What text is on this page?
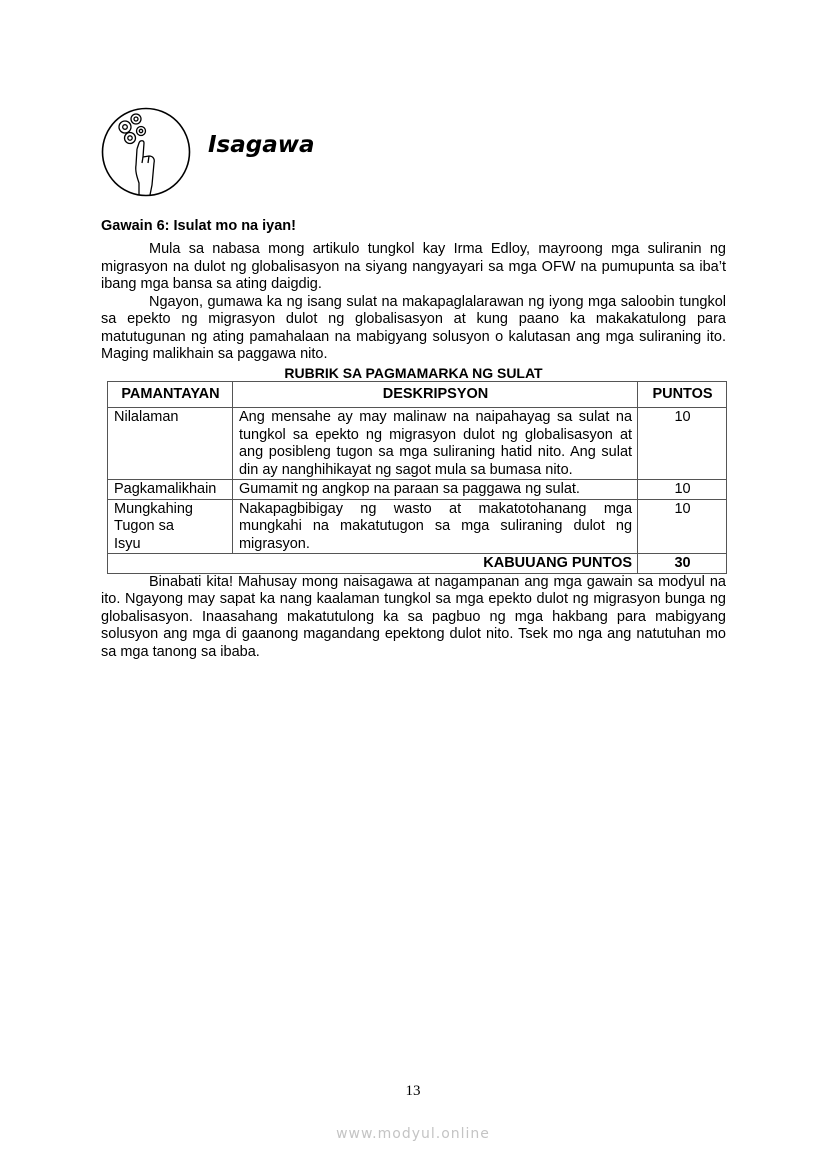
Isagawa
Gawain 6: Isulat mo na iyan!

Mula sa nabasa mong artikulo tungkol kay Irma Edloy, mayroong mga suliranin ng migrasyon na dulot ng globalisasyon na siyang nangyayari sa mga OFW na pumupunta sa iba’t ibang mga bansa sa ating daigdig.

Ngayon, gumawa ka ng isang sulat na makapaglalarawan ng iyong mga saloobin tungkol sa epekto ng migrasyon dulot ng globalisasyon at kung paano ka makakatulong para matutugunan ng ating pamahalaan na mabigyang solusyon o kalutasan ang mga suliraning ito. Maging malikhain sa paggawa nito.

RUBRIK SA PAGMAMARKA NG SULAT
PAMANTAYAN	DESKRIPSYON	PUNTOS
Nilalaman	Ang mensahe ay may malinaw na naipahayag sa sulat na tungkol sa epekto ng migrasyon dulot ng globalisasyon at ang posibleng tugon sa mga suliraning hatid nito. Ang sulat din ay nanghihikayat ng sagot mula sa bumasa nito.	10
Pagkamalikhain	Gumamit ng angkop na paraan sa paggawa ng sulat.	10
Mungkahing Tugon sa Isyu	Nakapagbibigay ng wasto at makatotohanang mga mungkahi na makatutugon sa mga suliraning dulot ng migrasyon.	10
KABUUANG PUNTOS		30

Binabati kita! Mahusay mong naisagawa at nagampanan ang mga gawain sa modyul na ito. Ngayong may sapat ka nang kaalaman tungkol sa mga epekto dulot ng migrasyon bunga ng globalisasyon. Inaasahang makatutulong ka sa pagbuo ng mga hakbang para mabigyang solusyon ang mga di gaanong magandang epektong dulot nito. Tsek mo nga ang natutuhan mo sa mga tanong sa ibaba.

13
www.modyul.online
